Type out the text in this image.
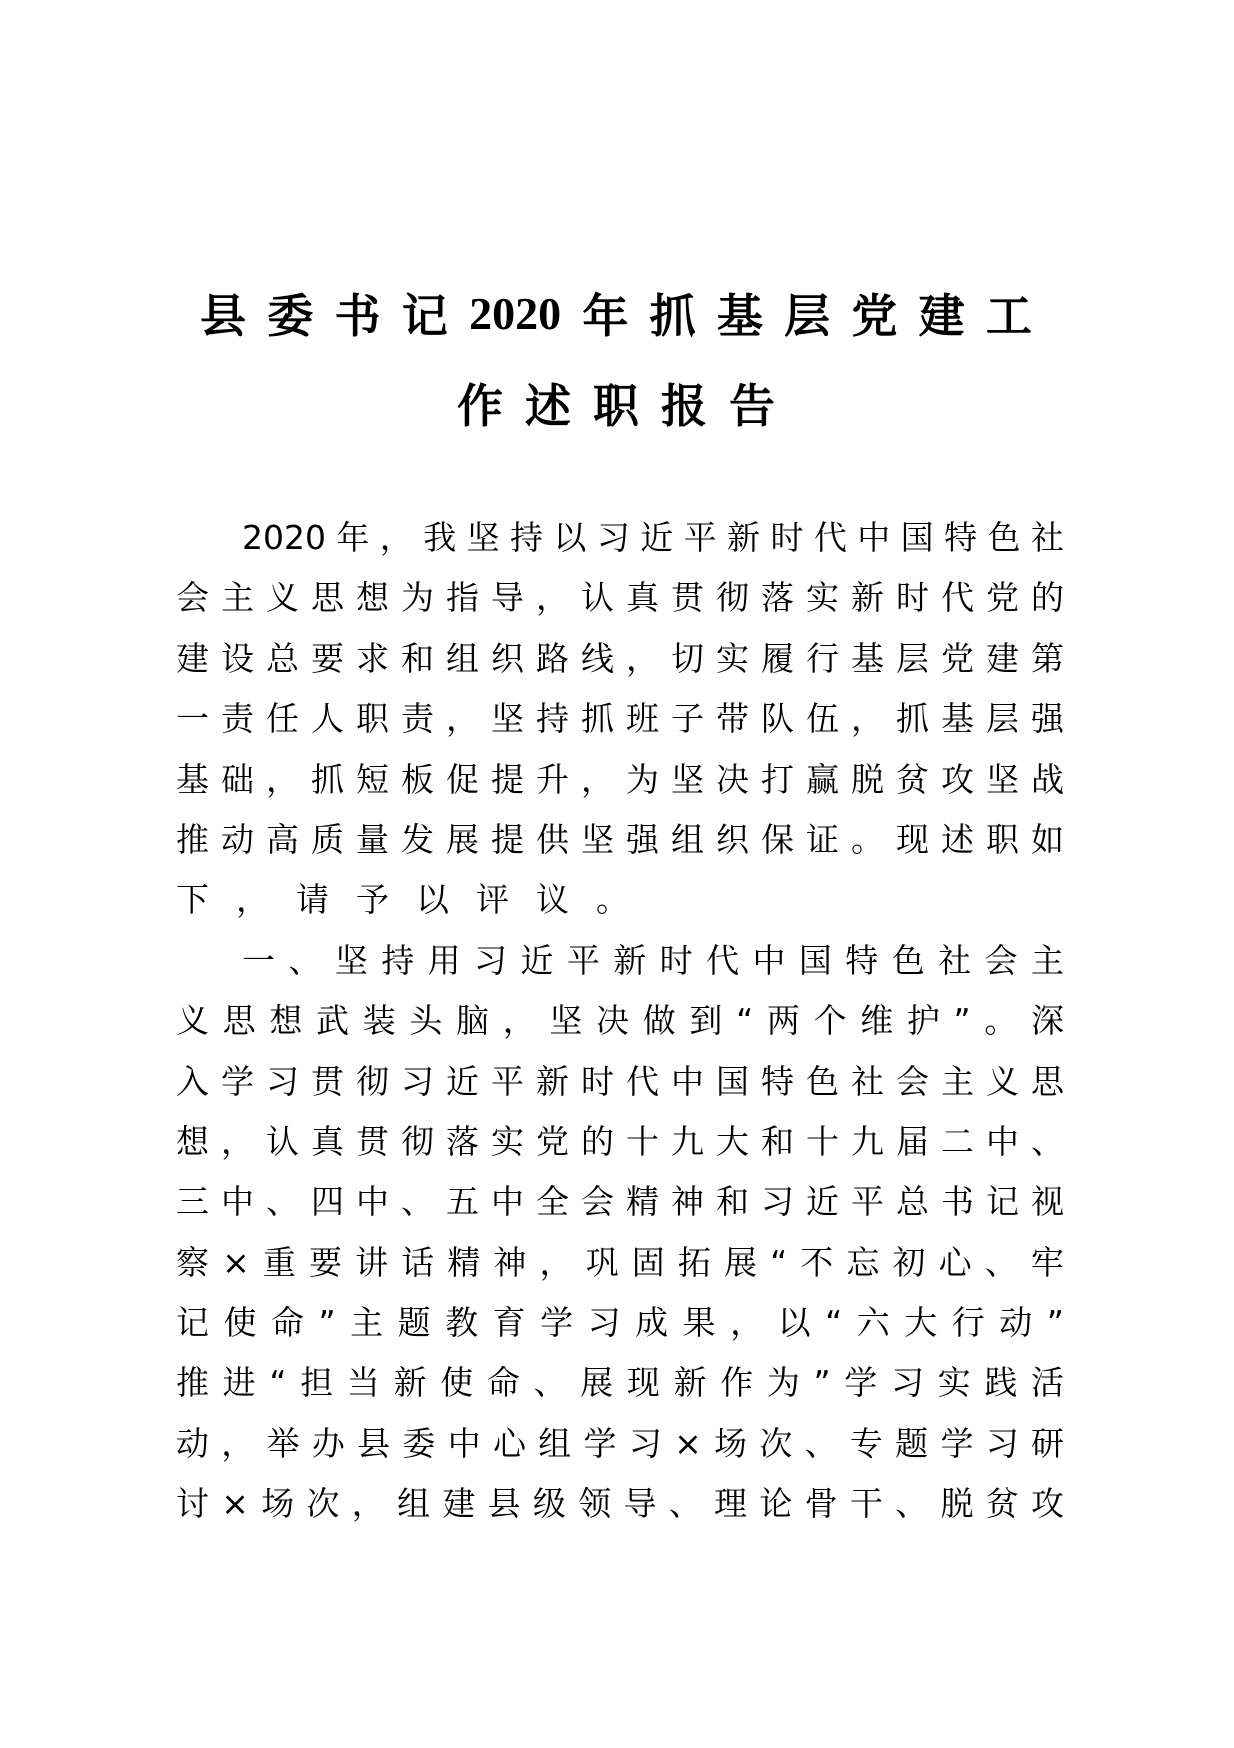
县 委 书 记 2020 年 抓 基 层 党 建 工
作 述 职 报 告
2020 年 ， 我 坚 持 以 习 近 平 新 时 代 中 国 特 色 社
会 主 义 思 想 为 指 导 ， 认 真 贯 彻 落 实 新 时 代 党 的
建 设 总 要 求 和 组 织 路 线 ， 切 实 履 行 基 层 党 建 第
一 责 任 人 职 责 ， 坚 持 抓 班 子 带 队 伍 ， 抓 基 层 强
基 础 ， 抓 短 板 促 提 升 ， 为 坚 决 打 赢 脱 贫 攻 坚 战
推 动 高 质 量 发 展 提 供 坚 强 组 织 保 证 。 现 述 职 如
下 ， 请 予 以 评 议 。
一 、 坚 持 用 习 近 平 新 时 代 中 国 特 色 社 会 主
义 思 想 武 装 头 脑 ， 坚 决 做 到 “ 两 个 维 护 ” 。 深
入 学 习 贯 彻 习 近 平 新 时 代 中 国 特 色 社 会 主 义 思
想 ， 认 真 贯 彻 落 实 党 的 十 九 大 和 十 九 届 二 中 、
三 中 、 四 中 、 五 中 全 会 精 神 和 习 近 平 总 书 记 视
察 × 重 要 讲 话 精 神 ， 巩 固 拓 展 “ 不 忘 初 心 、 牢
记 使 命 ” 主 题 教 育 学 习 成 果 ， 以 “ 六 大 行 动 ”
推 进 “ 担 当 新 使 命 、 展 现 新 作 为 ” 学 习 实 践 活
动 ， 举 办 县 委 中 心 组 学 习 × 场 次 、 专 题 学 习 研
讨 × 场 次 ， 组 建 县 级 领 导 、 理 论 骨 干 、 脱 贫 攻
